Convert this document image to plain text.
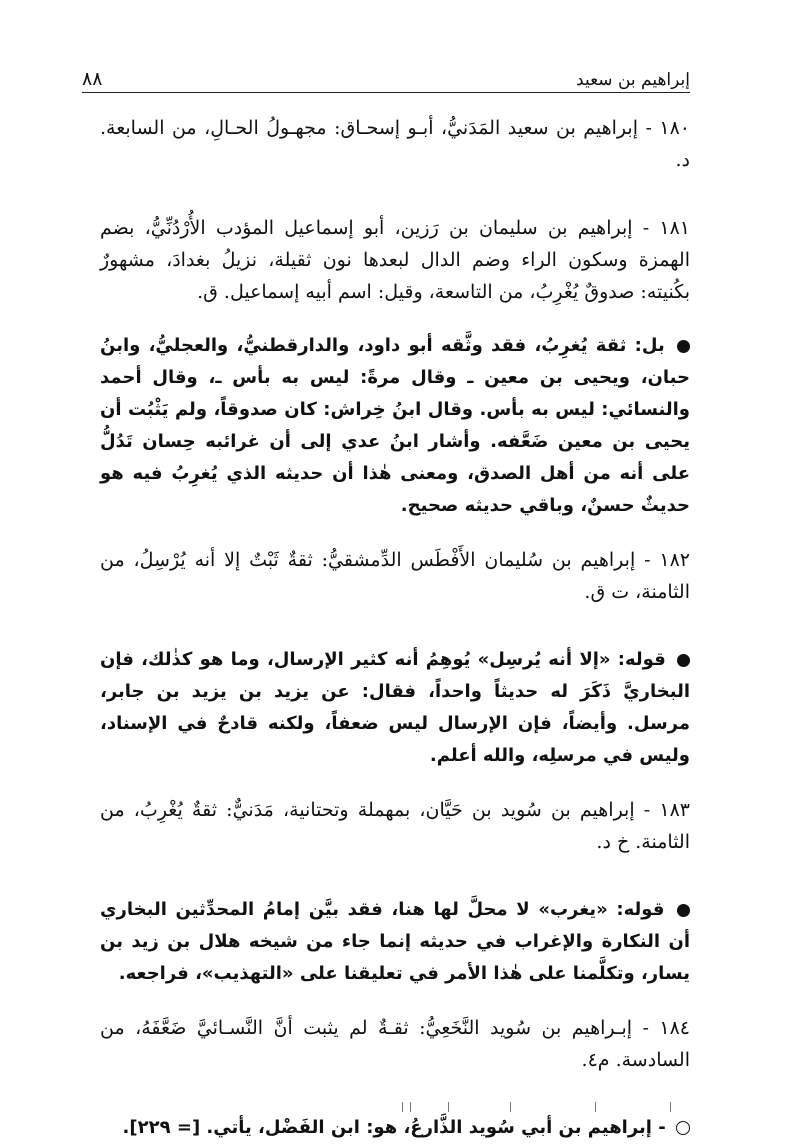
إبراهيم بن سعيد
٨٨

١٨٠ - إبراهيم بن سعيد المَدَنيُّ، أبـو إسحـاق: مجهـولُ الحـالِ، من السابعة. د.

١٨١ - إبراهيم بن سليمان بن رَزين، أبو إسماعيل المؤدب الأُرْدُنِّيُّ، بضم الهمزة وسكون الراء وضم الدال لبعدها نون ثقيلة، نزيلُ بغدادَ، مشهورٌ بكُنيته: صدوقٌ يُغْرِبُ، من التاسعة، وقيل: اسم أبيه إسماعيل. ق.

بل: ثقة يُغرِبُ، فقد وثَّقه أبو داود، والدارقطنيُّ، والعجليُّ، وابنُ حبان، ويحيى بن معين ـ وقال مرةً: ليس به بأس ـ، وقال أحمد والنسائي: ليس به بأس. وقال ابنُ خِراش: كان صدوقاً، ولم يَثْبُت أن يحيى بن معين ضَعَّفه. وأشار ابنُ عدي إلى أن غرائبه حِسان تَدُلُّ على أنه من أهل الصدق، ومعنى هٰذا أن حديثه الذي يُغرِبُ فيه هو حديثٌ حسنٌ، وباقي حديثه صحيح.

١٨٢ - إبراهيم بن سُليمان الأَفْطَس الدِّمشقيُّ: ثقةٌ ثَبْتٌ إلا أنه يُرْسِلُ، من الثامنة، ت ق.

قوله: «إلا أنه يُرسِل» يُوهِمُ أنه كثير الإرسال، وما هو كذٰلك، فإن البخاريَّ ذَكَرَ له حديثاً واحداً، فقال: عن يزيد بن يزيد بن جابر، مرسل. وأيضاً، فإن الإرسال ليس ضعفاً، ولكنه قادحٌ في الإسناد، وليس في مرسلِه، والله أعلم.

١٨٣ - إبراهيم بن سُويد بن حَيَّان، بمهملة وتحتانية، مَدَنيٌّ: ثقةٌ يُغْرِبُ، من الثامنة. خ د.

قوله: «يغرب» لا محلَّ لها هنا، فقد بيَّن إمامُ المحدِّثين البخاري أن النكارة والإغراب في حديثه إنما جاء من شيخه هلال بن زيد بن يسار، وتكلَّمنا على هٰذا الأمر في تعليقنا على «التهذيب»، فراجعه.

١٨٤ - إبـراهيم بن سُويد النَّخَعِيُّ: ثقـةٌ لم يثبت أنَّ النَّسـائيَّ ضَعَّفَهُ، من السادسة. م٤.

- إبراهيم بن أبي سُويد الذَّارعُ، هو: ابن الفَضْل، يأتي. [= ٢٢٩].
